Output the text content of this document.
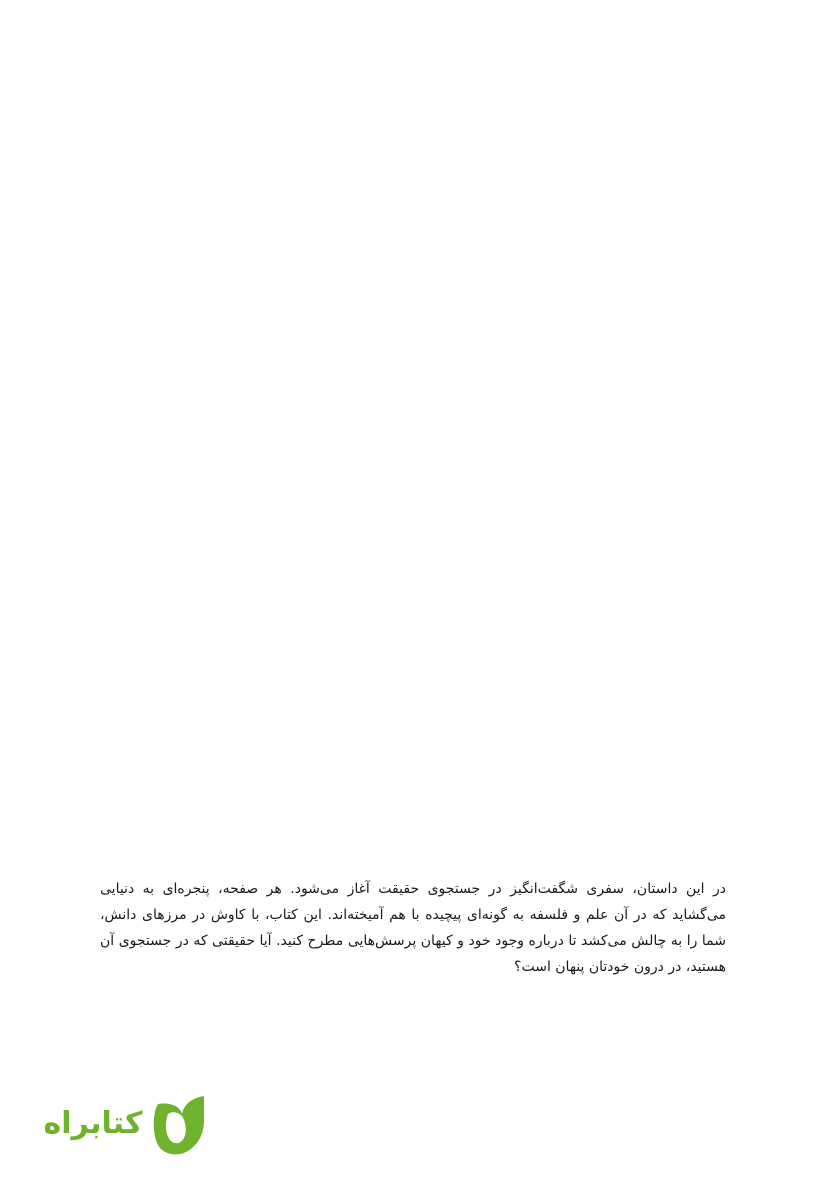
در این داستان، سفری شگفت‌انگیز در جستجوی حقیقت آغاز می‌شود. هر صفحه، پنجره‌ای به دنیایی می‌گشاید که در آن علم و فلسفه به گونه‌ای پیچیده با هم آمیخته‌اند. این کتاب، با کاوش در مرزهای دانش، شما را به چالش می‌کشد تا درباره وجود خود و کیهان پرسش‌هایی مطرح کنید. آیا حقیقتی که در جستجوی آن هستید، در درون خودتان پنهان است؟

کتابراه
